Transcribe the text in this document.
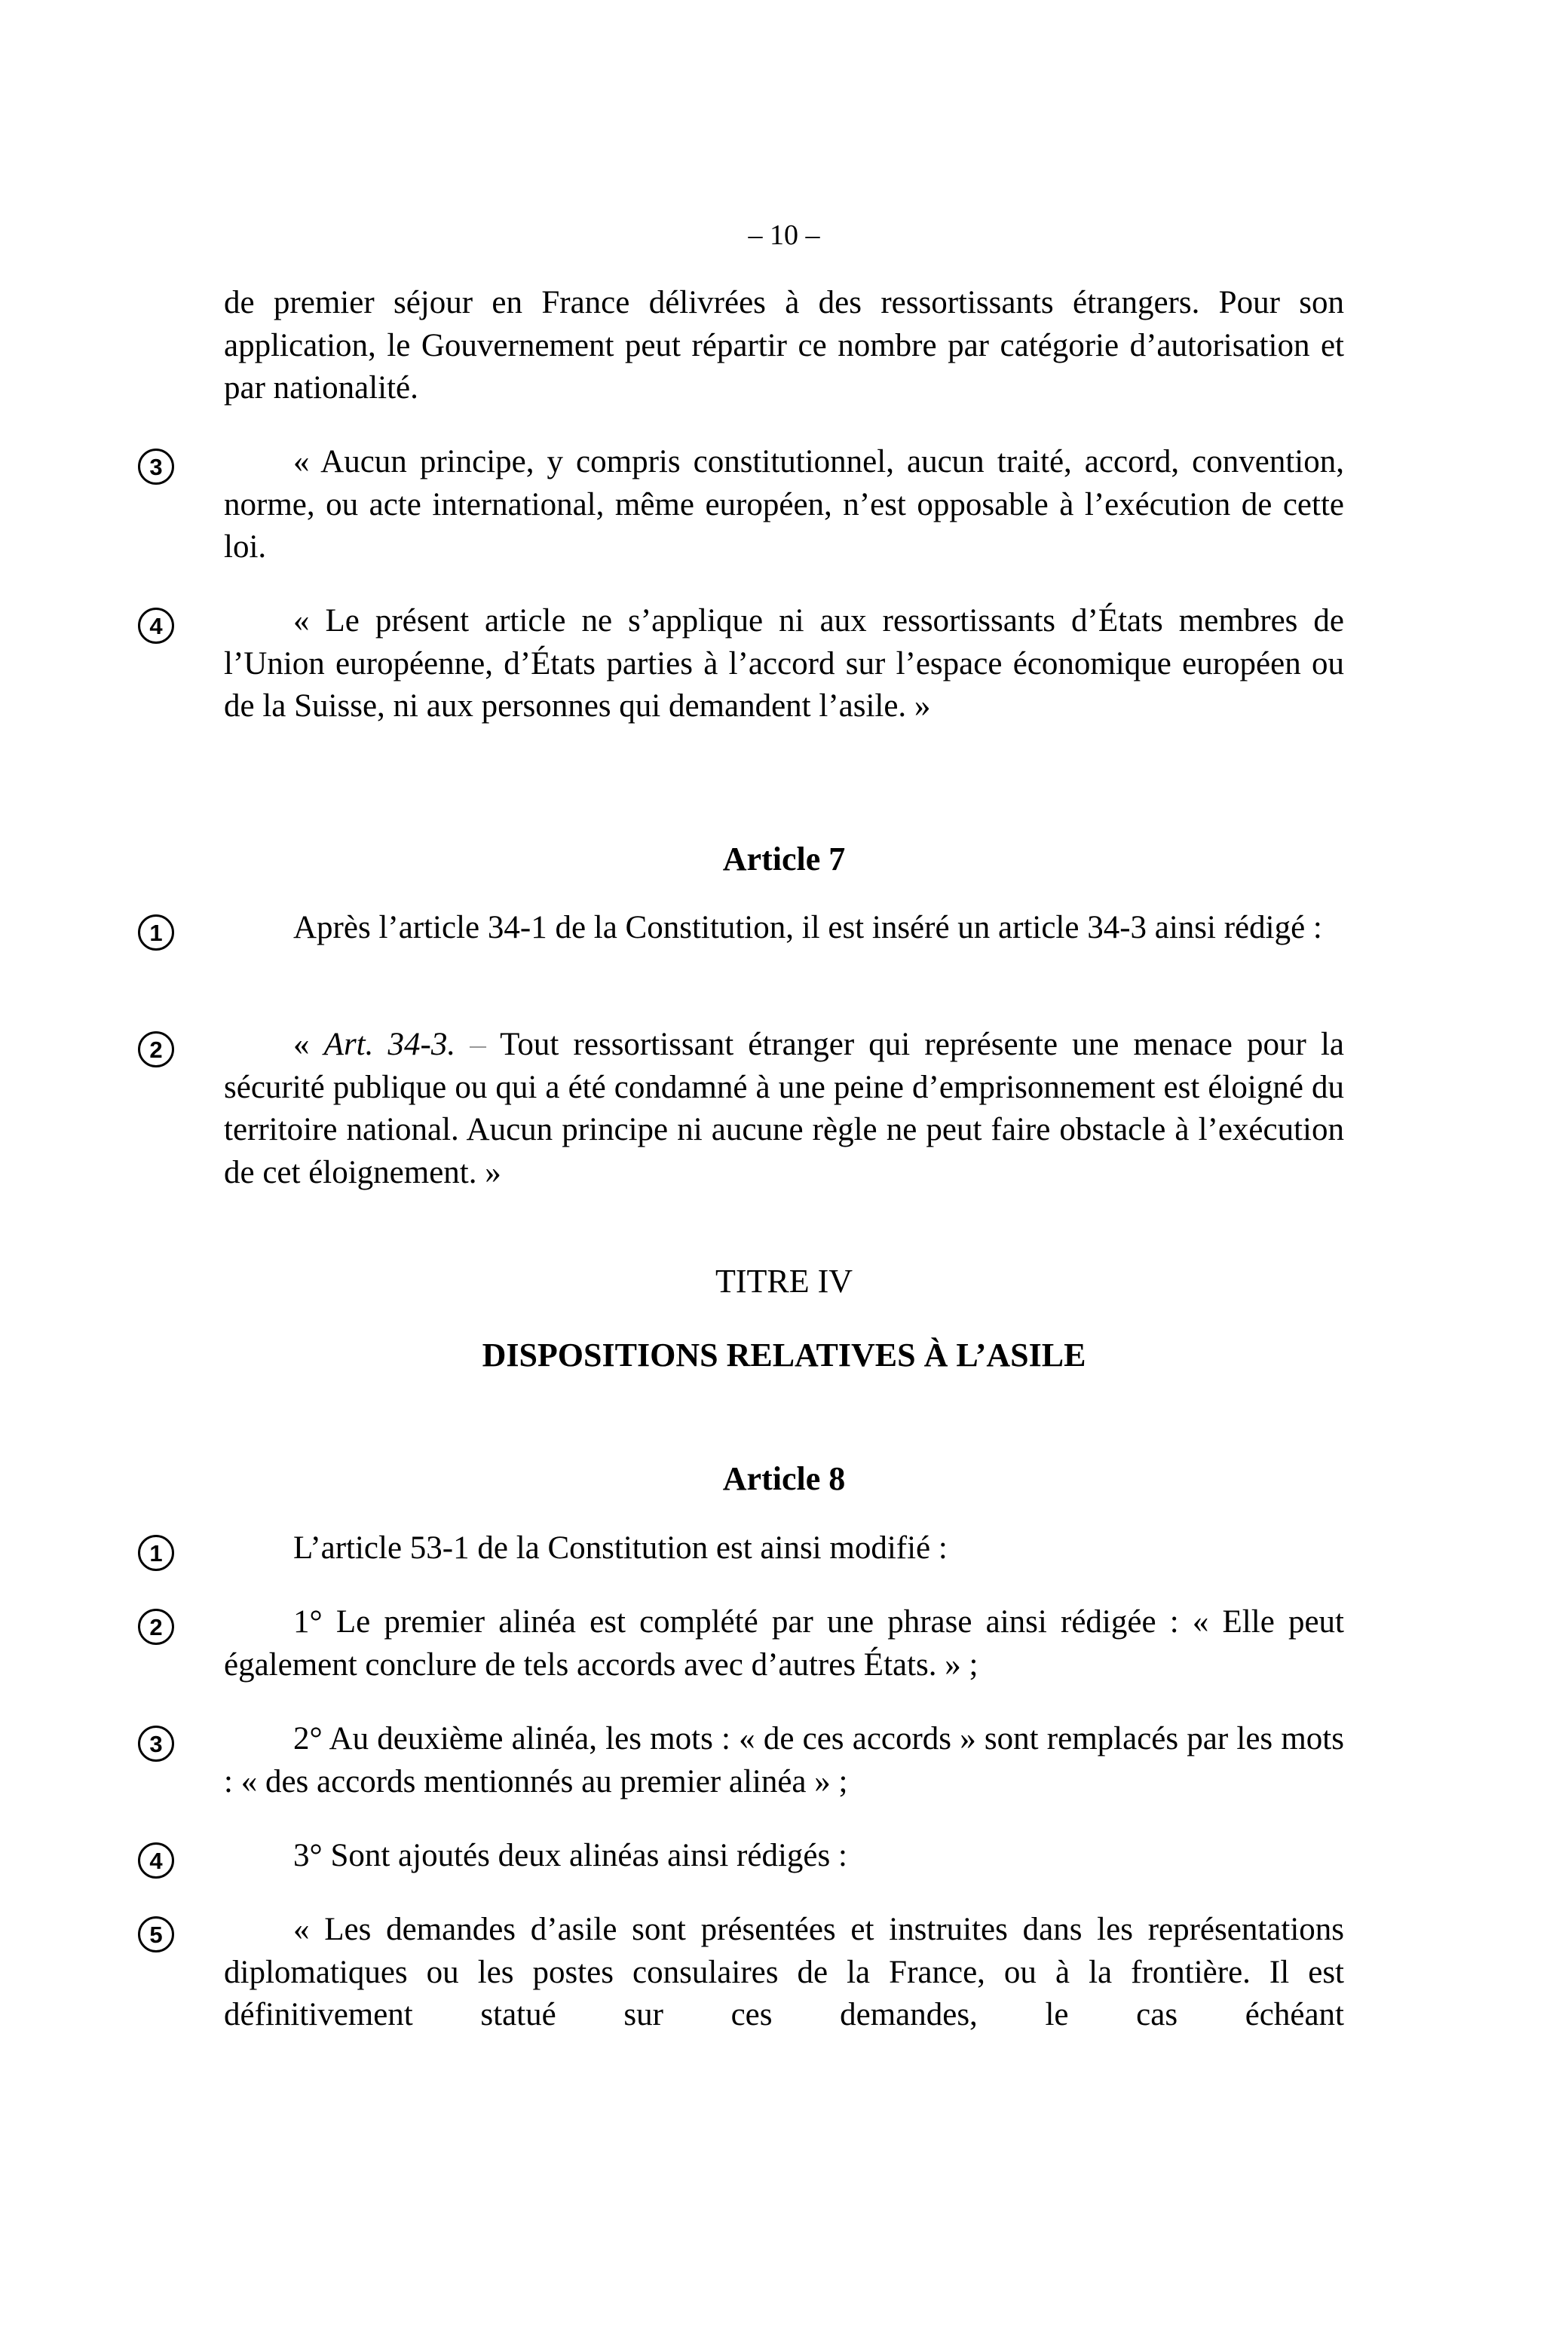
– 10 –

de premier séjour en France délivrées à des ressortissants étrangers. Pour son application, le Gouvernement peut répartir ce nombre par catégorie d’autorisation et par nationalité.

3	« Aucun principe, y compris constitutionnel, aucun traité, accord, convention, norme, ou acte international, même européen, n’est opposable à l’exécution de cette loi.

4	« Le présent article ne s’applique ni aux ressortissants d’États membres de l’Union européenne, d’États parties à l’accord sur l’espace économique européen ou de la Suisse, ni aux personnes qui demandent l’asile. »

Article 7
1	Après l’article 34-1 de la Constitution, il est inséré un article 34-3 ainsi rédigé :

2	« Art. 34-3. – Tout ressortissant étranger qui représente une menace pour la sécurité publique ou qui a été condamné à une peine d’emprisonnement est éloigné du territoire national. Aucun principe ni aucune règle ne peut faire obstacle à l’exécution de cet éloignement. »

TITRE IV
DISPOSITIONS RELATIVES À L’ASILE
Article 8
1	L’article 53-1 de la Constitution est ainsi modifié :

2	1° Le premier alinéa est complété par une phrase ainsi rédigée : « Elle peut également conclure de tels accords avec d’autres États. » ;

3	2° Au deuxième alinéa, les mots : « de ces accords » sont remplacés par les mots : « des accords mentionnés au premier alinéa » ;

4	3° Sont ajoutés deux alinéas ainsi rédigés :

5	« Les demandes d’asile sont présentées et instruites dans les représentations diplomatiques ou les postes consulaires de la France, ou à la frontière. Il est définitivement statué sur ces demandes, le cas échéant
